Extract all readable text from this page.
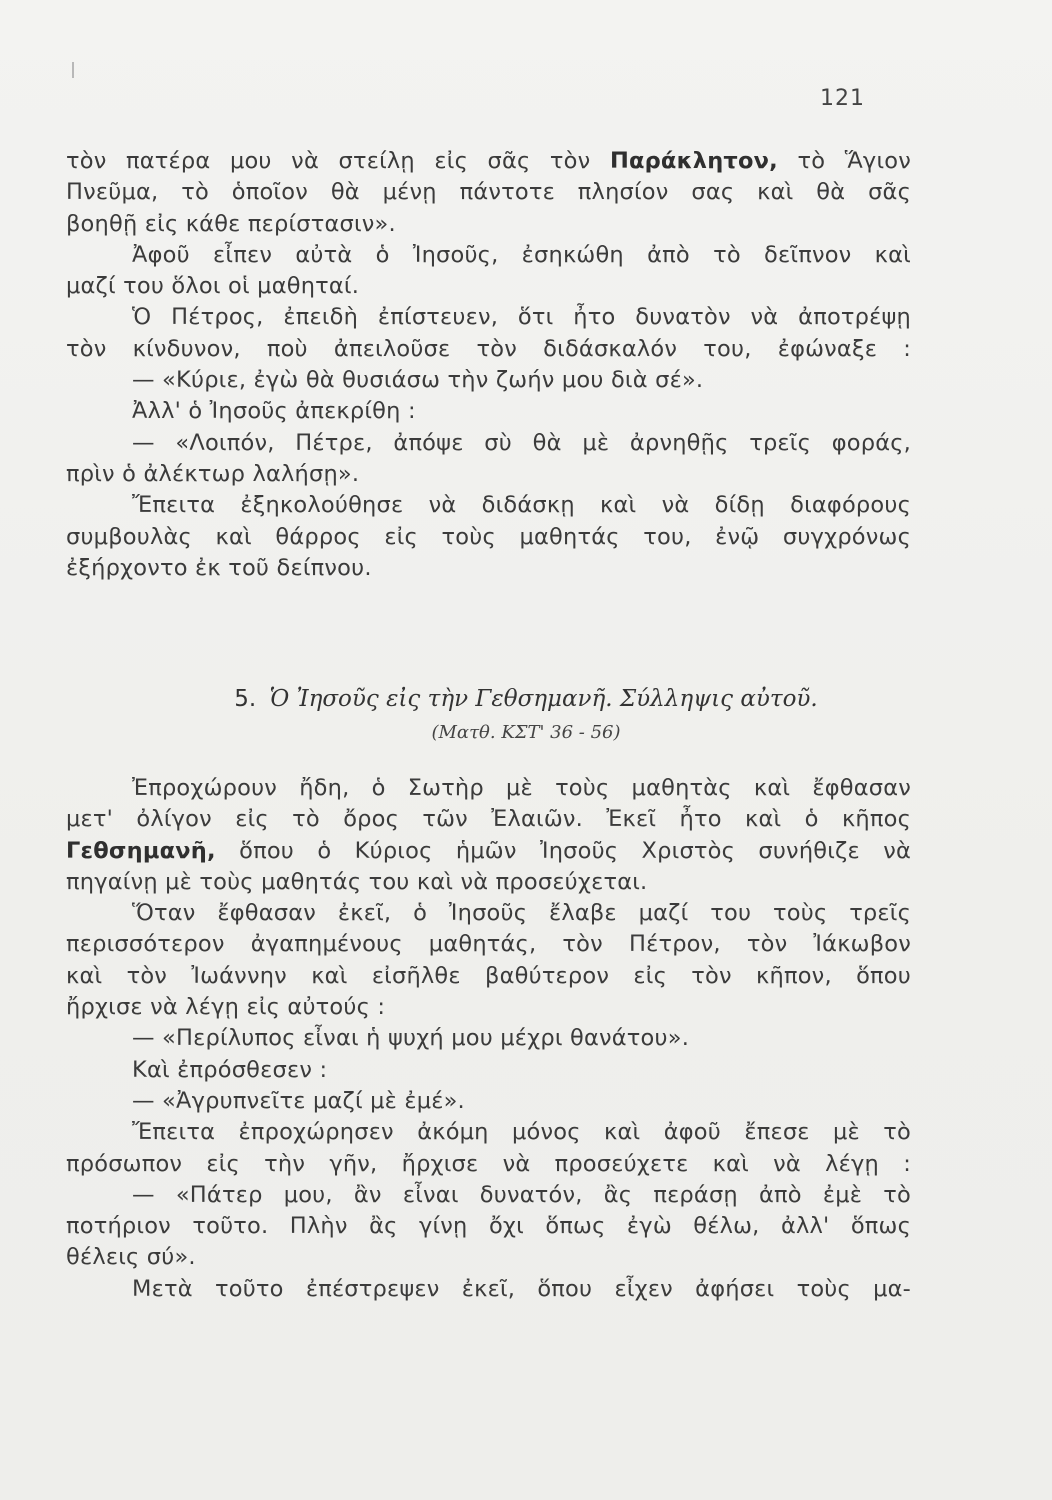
121
τὸν πατέρα μου νὰ στείλῃ εἰς σᾶς τὸν Παράκλητον, τὸ Ἅγιον
Πνεῦμα, τὸ ὁποῖον θὰ μένῃ πάντοτε πλησίον σας καὶ θὰ σᾶς
βοηθῇ εἰς κάθε περίστασιν».
Ἀφοῦ εἶπεν αὐτὰ ὁ Ἰησοῦς, ἐσηκώθη ἀπὸ τὸ δεῖπνον καὶ
μαζί του ὅλοι οἱ μαθηταί.
Ὁ Πέτρος, ἐπειδὴ ἐπίστευεν, ὅτι ἦτο δυνατὸν νὰ ἀποτρέψῃ
τὸν κίνδυνον, ποὺ ἀπειλοῦσε τὸν διδάσκαλόν του, ἐφώναξε :
— «Κύριε, ἐγὼ θὰ θυσιάσω τὴν ζωήν μου διὰ σέ».
Ἀλλ' ὁ Ἰησοῦς ἀπεκρίθη :
— «Λοιπόν, Πέτρε, ἀπόψε σὺ θὰ μὲ ἀρνηθῇς τρεῖς φοράς,
πρὶν ὁ ἀλέκτωρ λαλήσῃ».
Ἔπειτα ἐξηκολούθησε νὰ διδάσκῃ καὶ νὰ δίδῃ διαφόρους
συμβουλὰς καὶ θάρρος εἰς τοὺς μαθητάς του, ἐνῷ συγχρόνως
ἐξήρχοντο ἐκ τοῦ δείπνου.
5. Ὁ Ἰησοῦς εἰς τὴν Γεθσημανῆ. Σύλληψις αὐτοῦ.
(Ματθ. ΚΣΤ' 36 - 56)
Ἐπροχώρουν ἤδη, ὁ Σωτὴρ μὲ τοὺς μαθητὰς καὶ ἔφθασαν
μετ' ὀλίγον εἰς τὸ ὄρος τῶν Ἐλαιῶν. Ἐκεῖ ἦτο καὶ ὁ κῆπος
Γεθσημανῆ, ὅπου ὁ Κύριος ἡμῶν Ἰησοῦς Χριστὸς συνήθιζε νὰ
πηγαίνῃ μὲ τοὺς μαθητάς του καὶ νὰ προσεύχεται.
Ὅταν ἔφθασαν ἐκεῖ, ὁ Ἰησοῦς ἔλαβε μαζί του τοὺς τρεῖς
περισσότερον ἀγαπημένους μαθητάς, τὸν Πέτρον, τὸν Ἰάκωβον
καὶ τὸν Ἰωάννην καὶ εἰσῆλθε βαθύτερον εἰς τὸν κῆπον, ὅπου
ἤρχισε νὰ λέγῃ εἰς αὐτούς :
— «Περίλυπος εἶναι ἡ ψυχή μου μέχρι θανάτου».
Καὶ ἐπρόσθεσεν :
— «Ἀγρυπνεῖτε μαζί μὲ ἐμέ».
Ἔπειτα ἐπροχώρησεν ἀκόμη μόνος καὶ ἀφοῦ ἔπεσε μὲ τὸ
πρόσωπον εἰς τὴν γῆν, ἤρχισε νὰ προσεύχετε καὶ νὰ λέγῃ :
— «Πάτερ μου, ἂν εἶναι δυνατόν, ἂς περάσῃ ἀπὸ ἐμὲ τὸ
ποτήριον τοῦτο. Πλὴν ἂς γίνῃ ὄχι ὅπως ἐγὼ θέλω, ἀλλ' ὅπως
θέλεις σύ».
Μετὰ τοῦτο ἐπέστρεψεν ἐκεῖ, ὅπου εἶχεν ἀφήσει τοὺς μα-
